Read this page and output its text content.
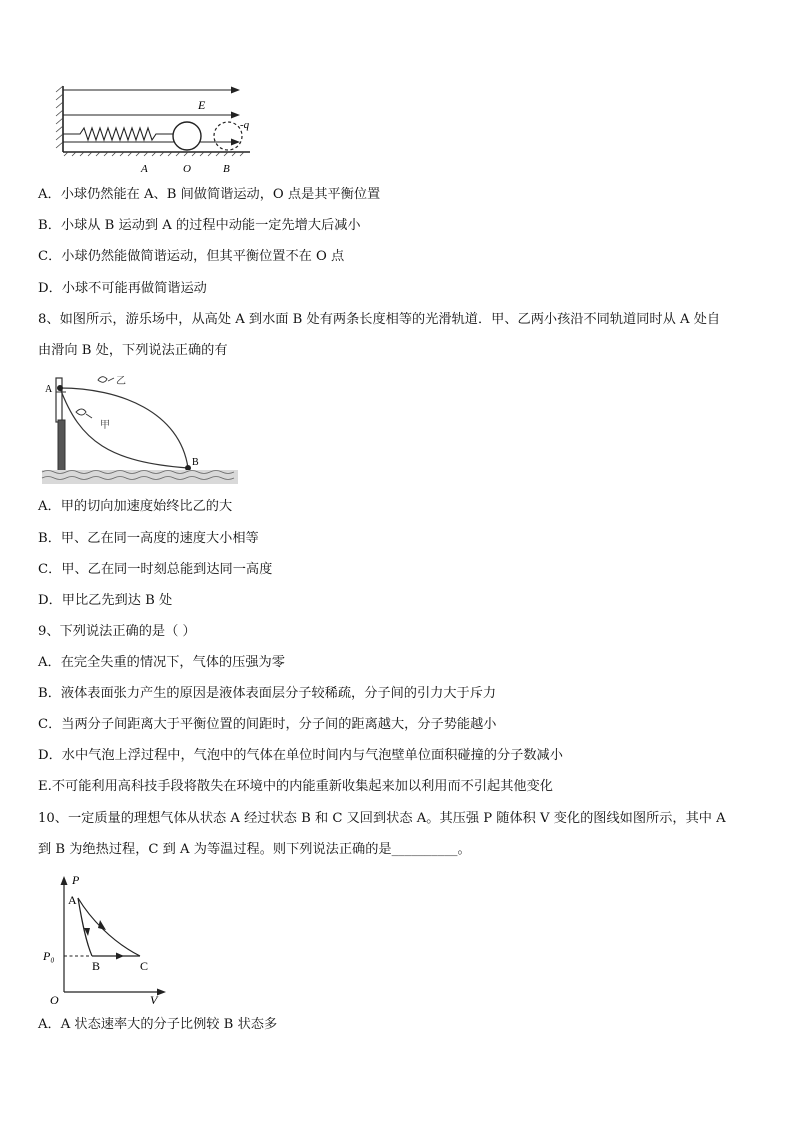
E
-q
A	O	B
A．小球仍然能在 A、B 间做简谐运动，O 点是其平衡位置
B．小球从 B 运动到 A 的过程中动能一定先增大后减小
C．小球仍然能做简谐运动，但其平衡位置不在 O 点
D．小球不可能再做简谐运动
8、如图所示，游乐场中，从高处 A 到水面 B 处有两条长度相等的光滑轨道．甲、乙两小孩沿不同轨道同时从 A 处自
由滑向 B 处，下列说法正确的有
A
B
甲
乙
A．甲的切向加速度始终比乙的大
B．甲、乙在同一高度的速度大小相等
C．甲、乙在同一时刻总能到达同一高度
D．甲比乙先到达 B 处
9、下列说法正确的是（ ）
A．在完全失重的情况下，气体的压强为零
B．液体表面张力产生的原因是液体表面层分子较稀疏，分子间的引力大于斥力
C．当两分子间距离大于平衡位置的间距时，分子间的距离越大，分子势能越小
D．水中气泡上浮过程中，气泡中的气体在单位时间内与气泡壁单位面积碰撞的分子数减小
E.不可能利用高科技手段将散失在环境中的内能重新收集起来加以利用而不引起其他变化
10、一定质量的理想气体从状态 A 经过状态 B 和 C 又回到状态 A。其压强 P 随体积 V 变化的图线如图所示，其中 A
到 B 为绝热过程，C 到 A 为等温过程。则下列说法正确的是__________。
P
V
O
P₀
A
B	C
A．A 状态速率大的分子比例较 B 状态多
